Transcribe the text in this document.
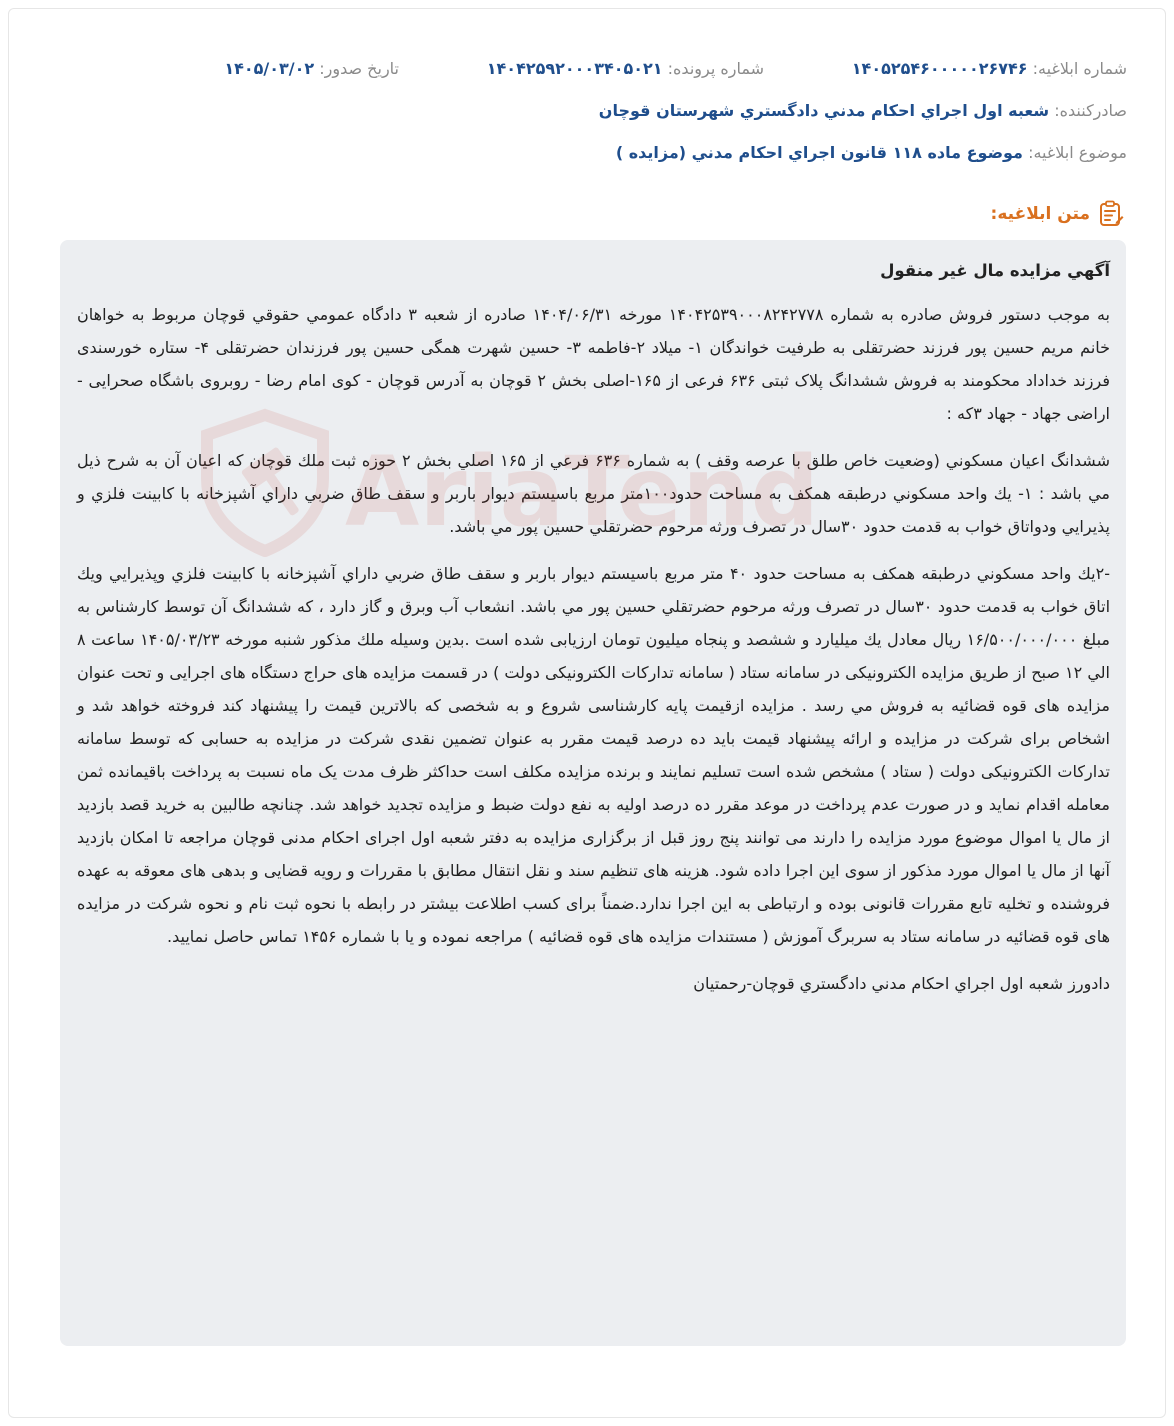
شماره ابلاغیه: ۱۴۰۵۲۵۴۶۰۰۰۰۰۲۶۷۴۶
شماره پرونده: ۱۴۰۴۲۵۹۲۰۰۰۳۴۰۵۰۲۱
تاریخ صدور: ۱۴۰۵/۰۳/۰۲
صادرکننده: شعبه اول اجراي احكام مدني دادگستري شهرستان قوچان
موضوع ابلاغیه: موضوع ماده ۱۱۸ قانون اجراي احكام مدني (مزايده )
متن ابلاغیه:
آگهي مزايده مال غير منقول

به موجب دستور فروش صادره به شماره ۱۴۰۴۲۵۳۹۰۰۰۸۲۴۲۷۷۸ مورخه ۱۴۰۴/۰۶/۳۱ صادره از شعبه ۳ دادگاه عمومي حقوقي قوچان مربوط به خواهان خانم مریم حسین پور فرزند حضرتقلی به طرفیت خواندگان ۱- میلاد ۲-فاطمه ۳- حسین شهرت همگی حسین پور فرزندان حضرتقلی ۴- ستاره خورسندی فرزند خداداد محکومند به فروش ششدانگ پلاک ثبتی ۶۳۶ فرعی از ۱۶۵-اصلی بخش ۲ قوچان به آدرس قوچان - کوی امام رضا - روبروی باشگاه صحرایی - اراضی جهاد - جهاد ۳که :

ششدانگ اعيان مسكوني (وضعيت خاص طلق با عرصه وقف ) به شماره ۶۳۶ فرعي از ۱۶۵ اصلي بخش ۲ حوزه ثبت ملك قوچان كه اعيان آن به شرح ذيل مي باشد : ۱- يك واحد مسكوني درطبقه همكف به مساحت حدود۱۰۰متر مربع باسيستم ديوار باربر و سقف طاق ضربي داراي آشپزخانه با كابينت فلزي و پذيرايي ودواتاق خواب به قدمت حدود ۳۰سال در تصرف ورثه مرحوم حضرتقلي حسين پور مي باشد.

-۲يك واحد مسكوني درطبقه همكف به مساحت حدود ۴۰ متر مربع باسيستم ديوار باربر و سقف طاق ضربي داراي آشپزخانه با كابينت فلزي وپذيرايي ويك اتاق خواب به قدمت حدود ۳۰سال در تصرف ورثه مرحوم حضرتقلي حسين پور مي باشد. انشعاب آب وبرق و گاز دارد ، كه ششدانگ آن توسط كارشناس به مبلغ ۱۶/۵۰۰/۰۰۰/۰۰۰ ريال معادل يك ميليارد و ششصد و پنجاه ميليون تومان ارزيابی شده است .بدين وسيله ملك مذكور شنبه مورخه ۱۴۰۵/۰۳/۲۳ ساعت ۸ الي ۱۲ صبح از طريق مزايده الكترونيكی در سامانه ستاد ( سامانه تداركات الكترونيكی دولت ) در قسمت مزايده های حراج دستگاه های اجرايی و تحت عنوان مزايده های قوه قضائيه به فروش مي رسد . مزايده ازقيمت پايه كارشناسی شروع و به شخصی كه بالاترين قيمت را پيشنهاد كند فروخته خواهد شد و اشخاص برای شركت در مزايده و ارائه پيشنهاد قيمت بايد ده درصد قيمت مقرر به عنوان تضمين نقدی شركت در مزايده به حسابی كه توسط سامانه تداركات الكترونيكی دولت ( ستاد ) مشخص شده است تسليم نمايند و برنده مزايده مكلف است حداكثر ظرف مدت يک ماه نسبت به پرداخت باقيمانده ثمن معامله اقدام نمايد و در صورت عدم پرداخت در موعد مقرر ده درصد اوليه به نفع دولت ضبط و مزايده تجديد خواهد شد. چنانچه طالبين به خريد قصد بازديد از مال يا اموال موضوع مورد مزايده را دارند می توانند پنج روز قبل از برگزاری مزايده به دفتر شعبه اول اجرای احکام مدنی قوچان مراجعه تا امكان بازديد آنها از مال يا اموال مورد مذكور از سوی اين اجرا داده شود. هزينه های تنظيم سند و نقل انتقال مطابق با مقررات و رويه قضايی و بدهی های معوقه به عهده فروشنده و تخليه تابع مقررات قانونی بوده و ارتباطی به اين اجرا ندارد.ضمناً برای كسب اطلاعت بيشتر در رابطه با نحوه ثبت نام و نحوه شركت در مزايده های قوه قضائيه در سامانه ستاد به سربرگ آموزش ( مستندات مزايده های قوه قضائيه ) مراجعه نموده و يا با شماره ۱۴۵۶ تماس حاصل نماييد.

دادورز شعبه اول اجراي احكام مدني دادگستري قوچان-رحمتيان
